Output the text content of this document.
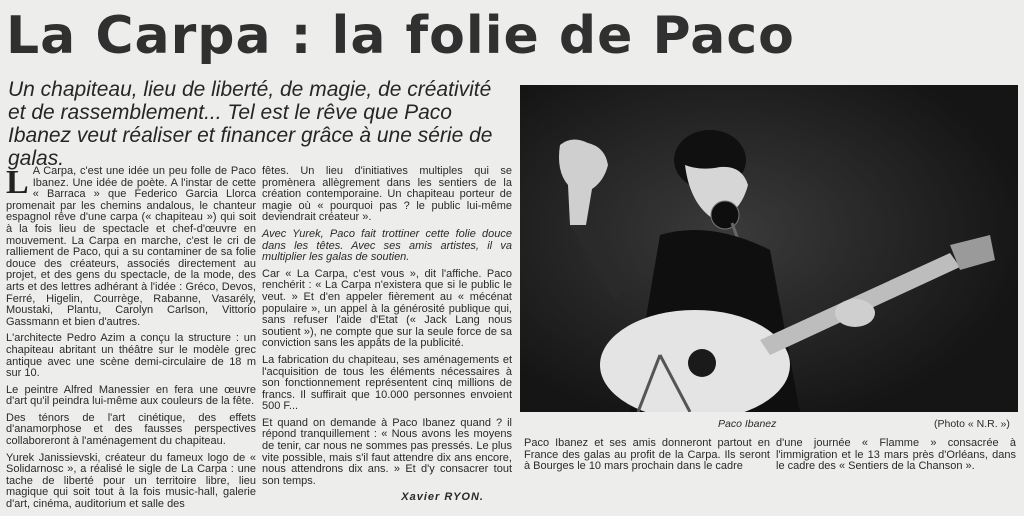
La Carpa : la folie de Paco

Un chapiteau, lieu de liberté, de magie, de créativité et de rassemblement... Tel est le rêve que Paco Ibanez veut réaliser et financer grâce à une série de galas.

L A Carpa, c'est une idée un peu folle de Paco Ibanez. Une idée de poète. A l'instar de cette « Barraca » que Federico Garcia Llorca promenait par les chemins andalous, le chanteur espagnol rêve d'une carpa (« chapiteau ») qui soit à la fois lieu de spectacle et chef-d'œuvre en mouvement. La Carpa en marche, c'est le cri de ralliement de Paco, qui a su contaminer de sa folie douce des créateurs, associés directement au projet, et des gens du spectacle, de la mode, des arts et des lettres adhérant à l'idée : Gréco, Devos, Ferré, Higelin, Courrège, Rabanne, Vasarély, Moustaki, Plantu, Carolyn Carlson, Vittorio Gassmann et bien d'autres.

L'architecte Pedro Azim a conçu la structure : un chapiteau abritant un théâtre sur le modèle grec antique avec une scène demi-circulaire de 18 m sur 10.

Le peintre Alfred Manessier en fera une œuvre d'art qu'il peindra lui-même aux couleurs de la fête.

Des ténors de l'art cinétique, des effets d'anamorphose et des fausses perspectives collaboreront à l'aménagement du chapiteau.

Yurek Janissievski, créateur du fameux logo de « Solidarnosc », a réalisé le sigle de La Carpa : une tache de liberté pour un territoire libre, lieu magique qui soit tout à la fois music-hall, galerie d'art, cinéma, auditorium et salle des

fêtes. Un lieu d'initiatives multiples qui se promènera allègrement dans les sentiers de la création contemporaine. Un chapiteau porteur de magie où « pourquoi pas ? le public lui-même deviendrait créateur ».

Avec Yurek, Paco fait trottiner cette folie douce dans les têtes. Avec ses amis artistes, il va multiplier les galas de soutien.

Car « La Carpa, c'est vous », dit l'affiche. Paco renchérit : « La Carpa n'existera que si le public le veut. » Et d'en appeler fièrement au « mécénat populaire », un appel à la générosité publique qui, sans refuser l'aide d'Etat (« Jack Lang nous soutient »), ne compte que sur la seule force de sa conviction sans les appâts de la publicité.

La fabrication du chapiteau, ses aménagements et l'acquisition de tous les éléments nécessaires à son fonctionnement représentent cinq millions de francs. Il suffirait que 10.000 personnes envoient 500 F...

Et quand on demande à Paco Ibanez quand ? il répond tranquillement : « Nous avons les moyens de tenir, car nous ne sommes pas pressés. Le plus vite possible, mais s'il faut attendre dix ans encore, nous attendrons dix ans. » Et d'y consacrer tout son temps.

Xavier RYON.
Paco Ibanez	(Photo « N.R. »)

Paco Ibanez et ses amis donneront partout en France des galas au profit de la Carpa. Ils seront à Bourges le 10 mars prochain dans le cadre

d'une journée « Flamme » consacrée à l'immigration et le 13 mars près d'Orléans, dans le cadre des « Sentiers de la Chanson ».
